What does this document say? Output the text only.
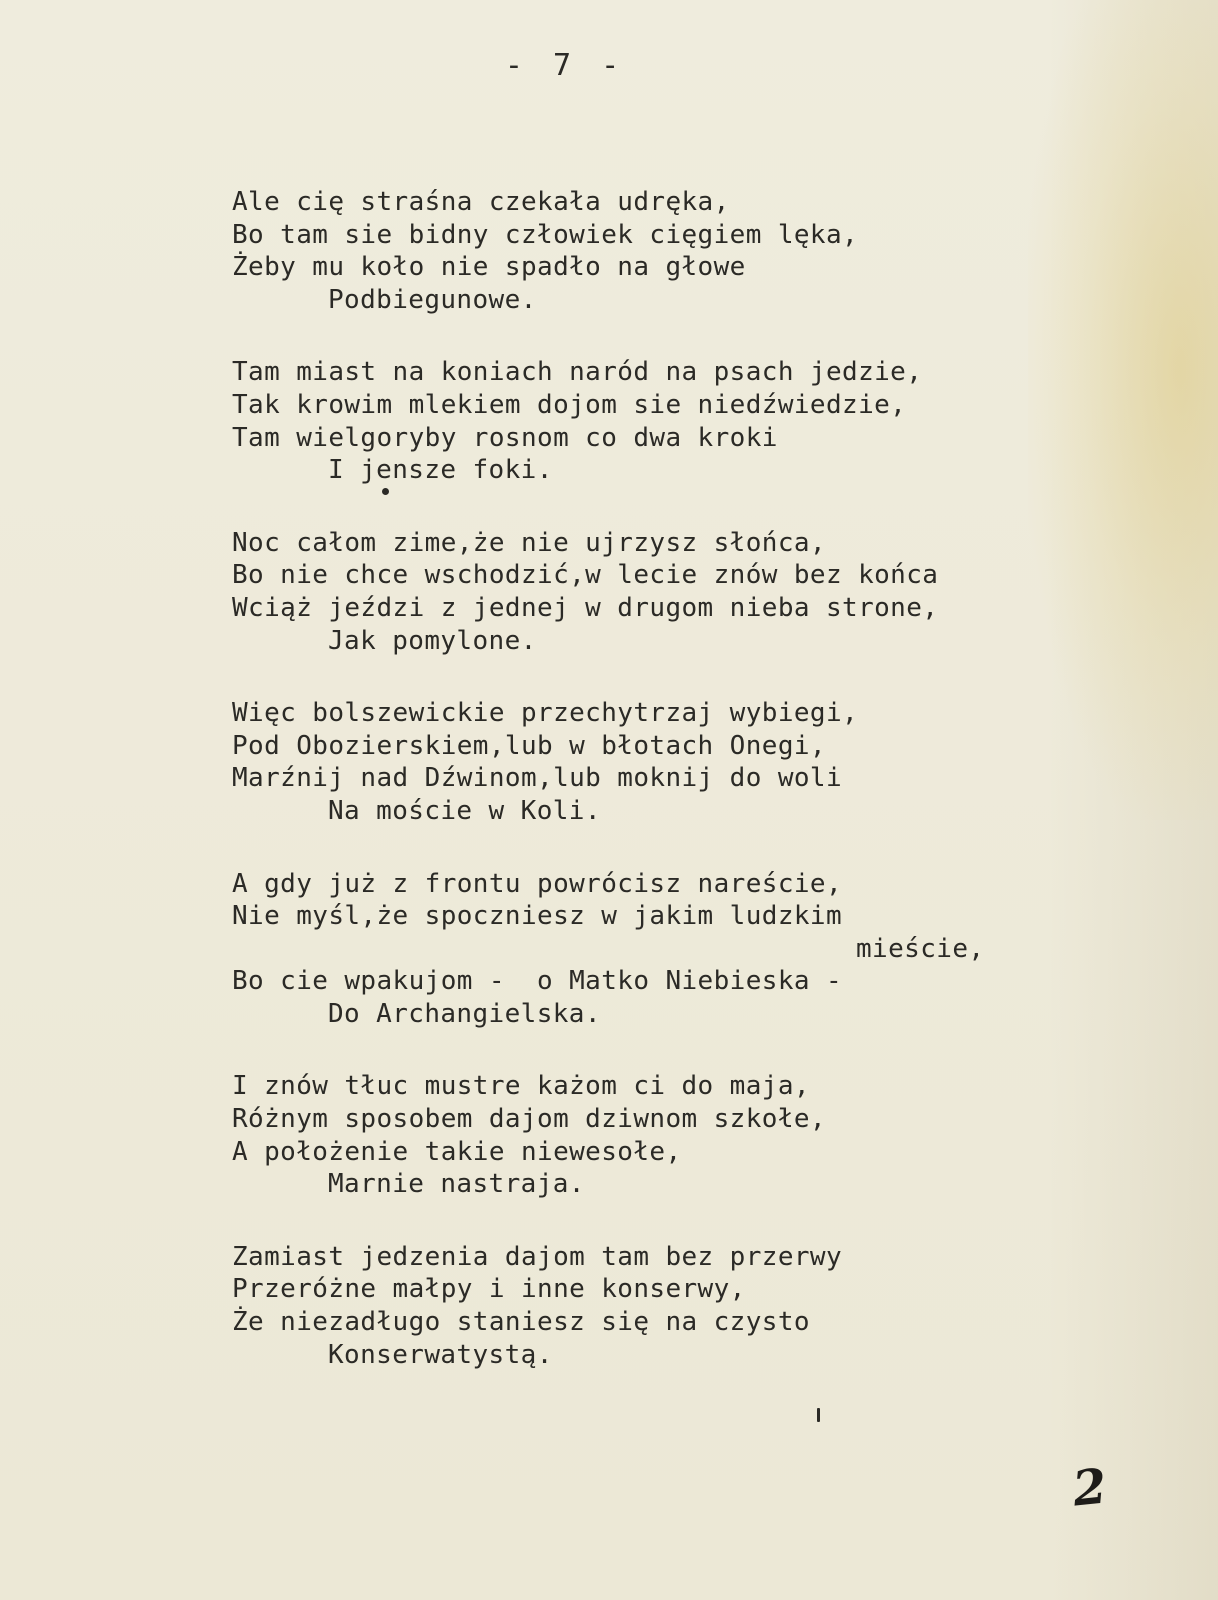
- 7 -
Ale cię straśna czekała udręka,
Bo tam sie bidny człowiek cięgiem lęka,
Żeby mu koło nie spadło na głowe
Podbiegunowe.
Tam miast na koniach naród na psach jedzie,
Tak krowim mlekiem dojom sie niedźwiedzie,
Tam wielgoryby rosnom co dwa kroki
I jensze foki.
Noc całom zime,że nie ujrzysz słońca,
Bo nie chce wschodzić,w lecie znów bez końca
Wciąż jeździ z jednej w drugom nieba strone,
Jak pomylone.
Więc bolszewickie przechytrzaj wybiegi,
Pod Obozierskiem,lub w błotach Onegi,
Marźnij nad Dźwinom,lub moknij do woli
Na moście w Koli.
A gdy już z frontu powrócisz nareście,
Nie myśl,że spoczniesz w jakim ludzkim
mieście,
Bo cie wpakujom -  o Matko Niebieska -
Do Archangielska.
I znów tłuc mustre każom ci do maja,
Różnym sposobem dajom dziwnom szkołe,
A położenie takie niewesołe,
Marnie nastraja.
Zamiast jedzenia dajom tam bez przerwy
Przeróżne małpy i inne konserwy,
Że niezadługo staniesz się na czysto
Konserwatystą.
2
